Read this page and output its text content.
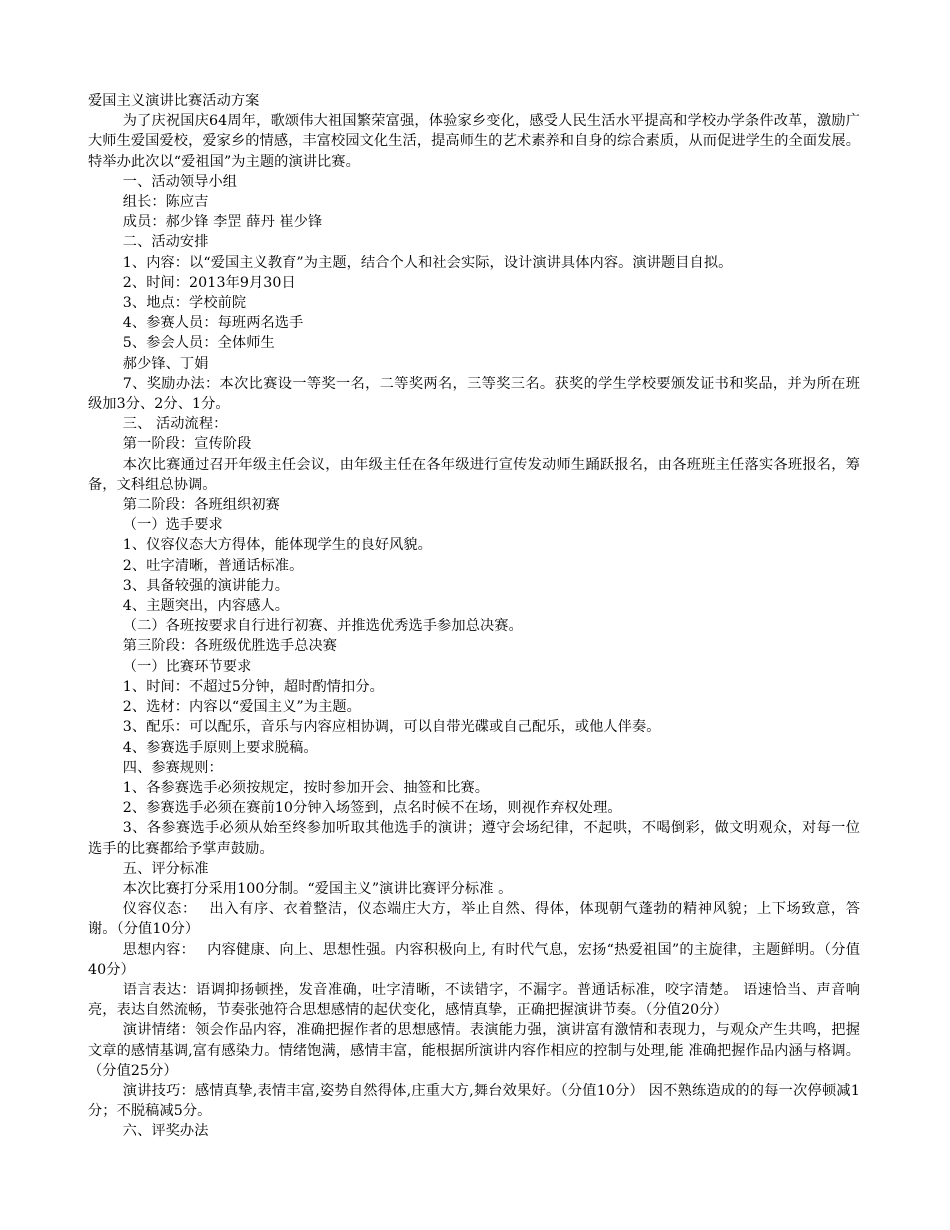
爱国主义演讲比赛活动方案

为了庆祝国庆64周年，歌颂伟大祖国繁荣富强，体验家乡变化，感受人民生活水平提高和学校办学条件改革，激励广大师生爱国爱校，爱家乡的情感，丰富校园文化生活，提高师生的艺术素养和自身的综合素质，从而促进学生的全面发展。特举办此次以“爱祖国”为主题的演讲比赛。

一、活动领导小组

组长：陈应吉

成员：郝少锋 李罡 薛丹 崔少锋

二、活动安排

1、内容：以“爱国主义教育”为主题，结合个人和社会实际，设计演讲具体内容。演讲题目自拟。

2、时间：2013年9月30日

3、地点：学校前院

4、参赛人员：每班两名选手

5、参会人员：全体师生

郝少锋、丁娟

7、奖励办法：本次比赛设一等奖一名，二等奖两名，三等奖三名。获奖的学生学校要颁发证书和奖品，并为所在班级加3分、2分、1分。

三、 活动流程：

第一阶段：宣传阶段

本次比赛通过召开年级主任会议，由年级主任在各年级进行宣传发动师生踊跃报名，由各班班主任落实各班报名，筹备，文科组总协调。

第二阶段：各班组织初赛

（一）选手要求

1、仪容仪态大方得体，能体现学生的良好风貌。

2、吐字清晰，普通话标准。

3、具备较强的演讲能力。

4、主题突出，内容感人。

（二）各班按要求自行进行初赛、并推选优秀选手参加总决赛。

第三阶段：各班级优胜选手总决赛

（一）比赛环节要求

1、时间：不超过5分钟，超时酌情扣分。

2、选材：内容以“爱国主义”为主题。

3、配乐：可以配乐，音乐与内容应相协调，可以自带光碟或自己配乐，或他人伴奏。

4、参赛选手原则上要求脱稿。

四、参赛规则：

1、各参赛选手必须按规定，按时参加开会、抽签和比赛。

2、参赛选手必须在赛前10分钟入场签到，点名时候不在场，则视作弃权处理。

3、各参赛选手必须从始至终参加听取其他选手的演讲；遵守会场纪律，不起哄，不喝倒彩，做文明观众，对每一位选手的比赛都给予掌声鼓励。

五、评分标准

本次比赛打分采用100分制。“爱国主义”演讲比赛评分标准 。

仪容仪态：　 出入有序、衣着整洁，仪态端庄大方，举止自然、得体，体现朝气蓬勃的精神风貌；上下场致意，答谢。（分值10分）

思想内容：　 内容健康、向上、思想性强。内容积极向上, 有时代气息，宏扬“热爱祖国”的主旋律，主题鲜明。（分值40分）

语言表达：语调抑扬顿挫，发音准确，吐字清晰，不读错字，不漏字。普通话标准，咬字清楚。 语速恰当、声音响亮，表达自然流畅，节奏张弛符合思想感情的起伏变化，感情真挚，正确把握演讲节奏。（分值20分）

演讲情绪：领会作品内容，准确把握作者的思想感情。表演能力强，演讲富有激情和表现力，与观众产生共鸣，把握文章的感情基调,富有感染力。情绪饱满，感情丰富，能根据所演讲内容作相应的控制与处理,能 准确把握作品内涵与格调。（分值25分）

演讲技巧：感情真挚,表情丰富,姿势自然得体,庄重大方,舞台效果好。（分值10分） 因不熟练造成的的每一次停顿减1分；不脱稿减5分。

六、评奖办法
